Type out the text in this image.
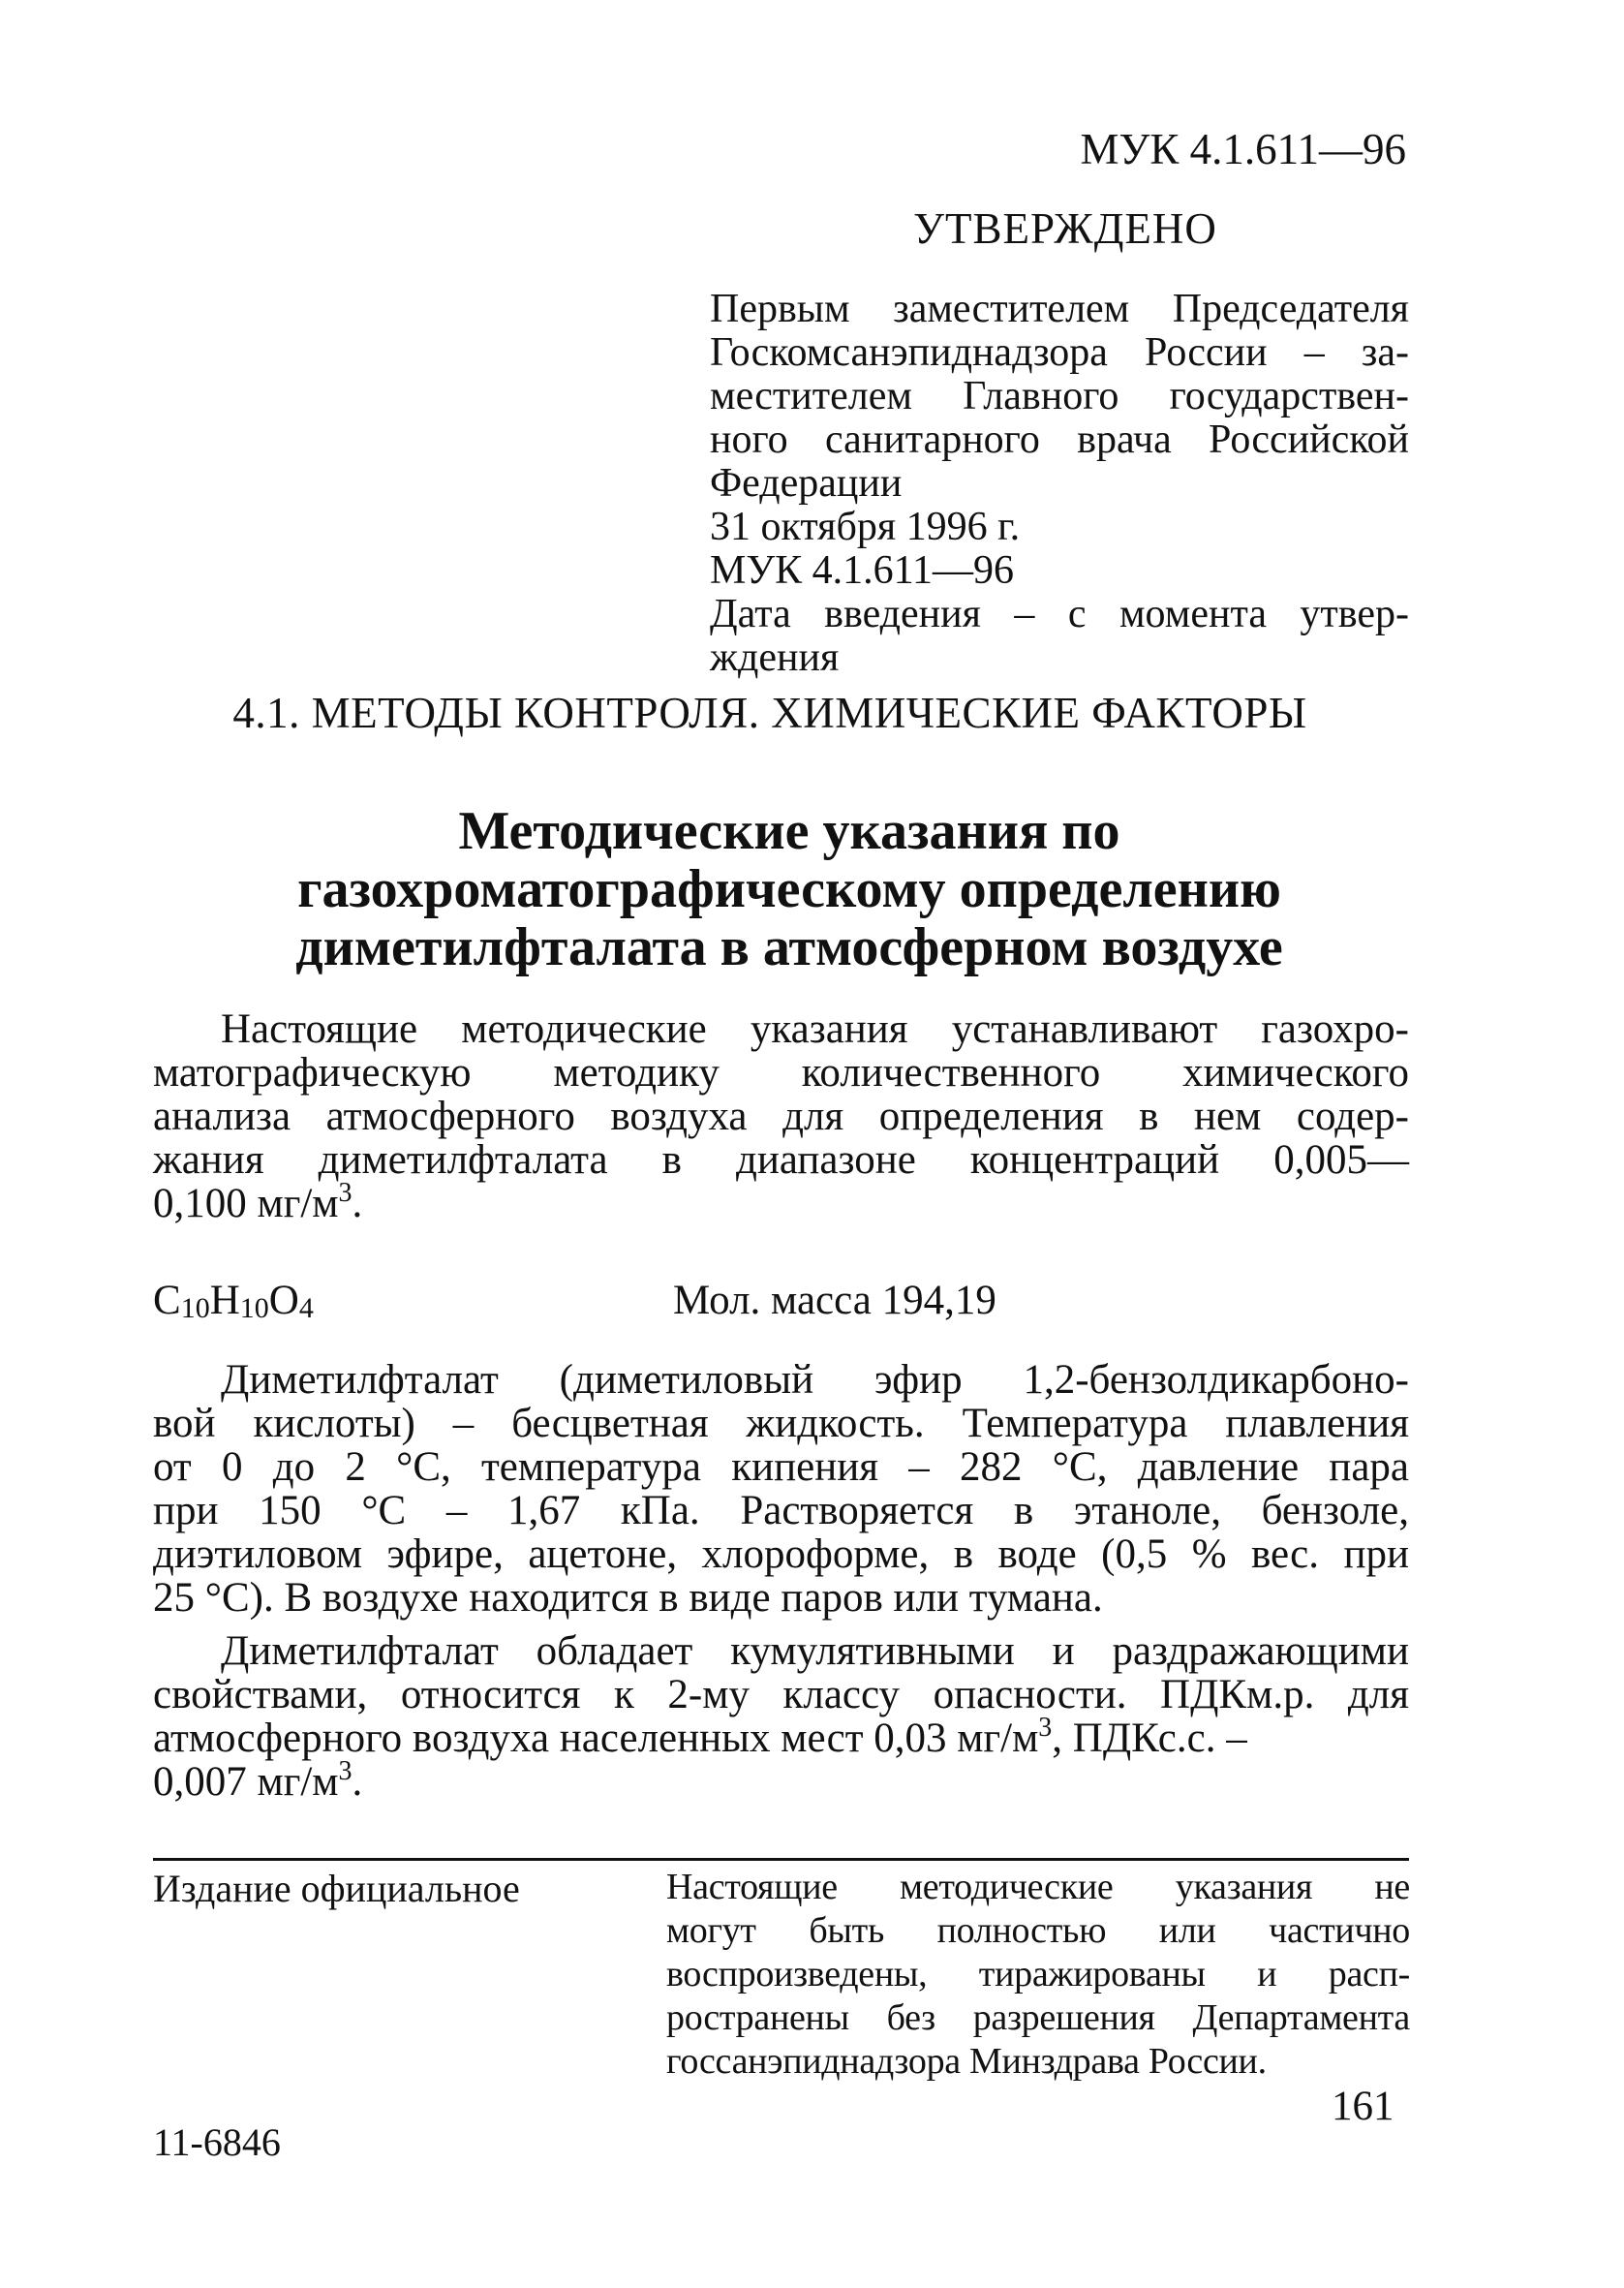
МУК 4.1.611—96
УТВЕРЖДЕНО
Первым заместителем Председателя
Госкомсанэпиднадзора России – за-
местителем Главного государствен-
ного санитарного врача Российской
Федерации
31 октября 1996 г.
МУК 4.1.611—96
Дата введения – с момента утвер-
ждения
4.1. МЕТОДЫ КОНТРОЛЯ. ХИМИЧЕСКИЕ ФАКТОРЫ
Методические указания по
газохроматографическому определению
диметилфталата в атмосферном воздухе
Настоящие методические указания устанавливают газохро-
матографическую методику количественного химического
анализа атмосферного воздуха для определения в нем содер-
жания диметилфталата в диапазоне концентраций 0,005—
0,100 $мг/м^3$.
$C_{10}H_{10}O_4$	Мол. масса 194,19
Диметилфталат (диметиловый эфир 1,2-бензолдикарбоно-
вой кислоты) – бесцветная жидкость. Температура плавления
от 0 до 2 °C, температура кипения – 282 °C, давление пара
при 150 °C – 1,67 кПа. Растворяется в этаноле, бензоле,
диэтиловом эфире, ацетоне, хлороформе, в воде (0,5 % вес. при
25 °C). В воздухе находится в виде паров или тумана.
Диметилфталат обладает кумулятивными и раздражающими
свойствами, относится к 2-му классу опасности. ПДКм.р. для
атмосферного воздуха населенных мест 0,03 $мг/м^3$, ПДКс.с. –
0,007 $мг/м^3$.
Издание официальное	Настоящие методические указания не
могут быть полностью или частично
воспроизведены, тиражированы и расп-
ространены без разрешения Департамента
госсанэпиднадзора Минздрава России.
161
11-6846
